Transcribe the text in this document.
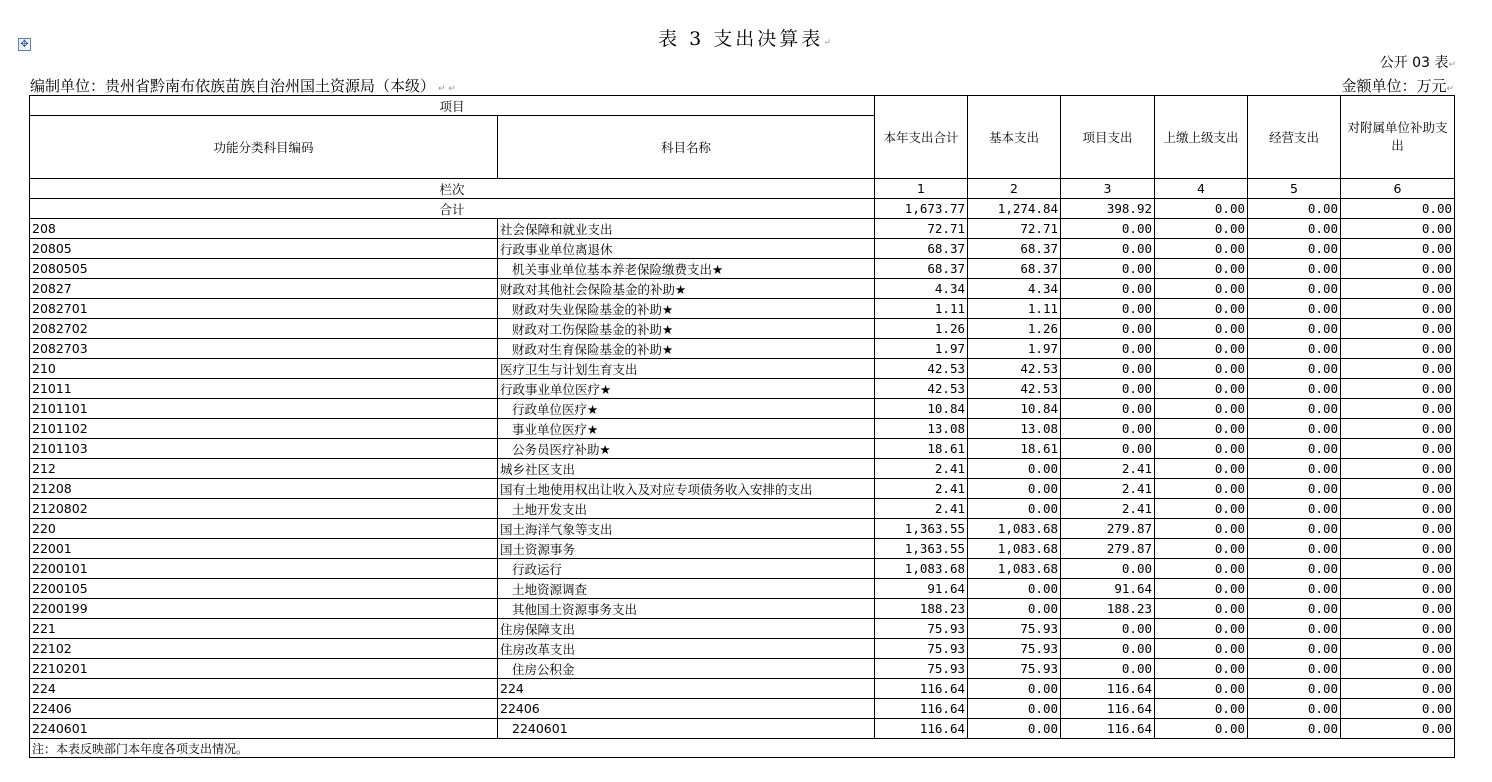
✥	表 3 支出决算表↵
公开 03 表↵
编制单位：贵州省黔南布依族苗族自治州国土资源局（本级） ↵ ↵	金额单位：万元↵
项目		本年支出合计	基本支出	项目支出	上缴上级支出	经营支出	对附属单位补助支出
功能分类科目编码	科目名称						
栏次		1	2	3	4	5	6
合计		1,673.77	1,274.84	398.92	0.00	0.00	0.00
208	社会保障和就业支出	72.71	72.71	0.00	0.00	0.00	0.00
20805	行政事业单位离退休	68.37	68.37	0.00	0.00	0.00	0.00
2080505	机关事业单位基本养老保险缴费支出★	68.37	68.37	0.00	0.00	0.00	0.00
20827	财政对其他社会保险基金的补助★	4.34	4.34	0.00	0.00	0.00	0.00
2082701	财政对失业保险基金的补助★	1.11	1.11	0.00	0.00	0.00	0.00
2082702	财政对工伤保险基金的补助★	1.26	1.26	0.00	0.00	0.00	0.00
2082703	财政对生育保险基金的补助★	1.97	1.97	0.00	0.00	0.00	0.00
210	医疗卫生与计划生育支出	42.53	42.53	0.00	0.00	0.00	0.00
21011	行政事业单位医疗★	42.53	42.53	0.00	0.00	0.00	0.00
2101101	行政单位医疗★	10.84	10.84	0.00	0.00	0.00	0.00
2101102	事业单位医疗★	13.08	13.08	0.00	0.00	0.00	0.00
2101103	公务员医疗补助★	18.61	18.61	0.00	0.00	0.00	0.00
212	城乡社区支出	2.41	0.00	2.41	0.00	0.00	0.00
21208	国有土地使用权出让收入及对应专项债务收入安排的支出	2.41	0.00	2.41	0.00	0.00	0.00
2120802	土地开发支出	2.41	0.00	2.41	0.00	0.00	0.00
220	国土海洋气象等支出	1,363.55	1,083.68	279.87	0.00	0.00	0.00
22001	国土资源事务	1,363.55	1,083.68	279.87	0.00	0.00	0.00
2200101	行政运行	1,083.68	1,083.68	0.00	0.00	0.00	0.00
2200105	土地资源调查	91.64	0.00	91.64	0.00	0.00	0.00
2200199	其他国土资源事务支出	188.23	0.00	188.23	0.00	0.00	0.00
221	住房保障支出	75.93	75.93	0.00	0.00	0.00	0.00
22102	住房改革支出	75.93	75.93	0.00	0.00	0.00	0.00
2210201	住房公积金	75.93	75.93	0.00	0.00	0.00	0.00
224	224	116.64	0.00	116.64	0.00	0.00	0.00
22406	22406	116.64	0.00	116.64	0.00	0.00	0.00
2240601	2240601	116.64	0.00	116.64	0.00	0.00	0.00
注：本表反映部门本年度各项支出情况。							
